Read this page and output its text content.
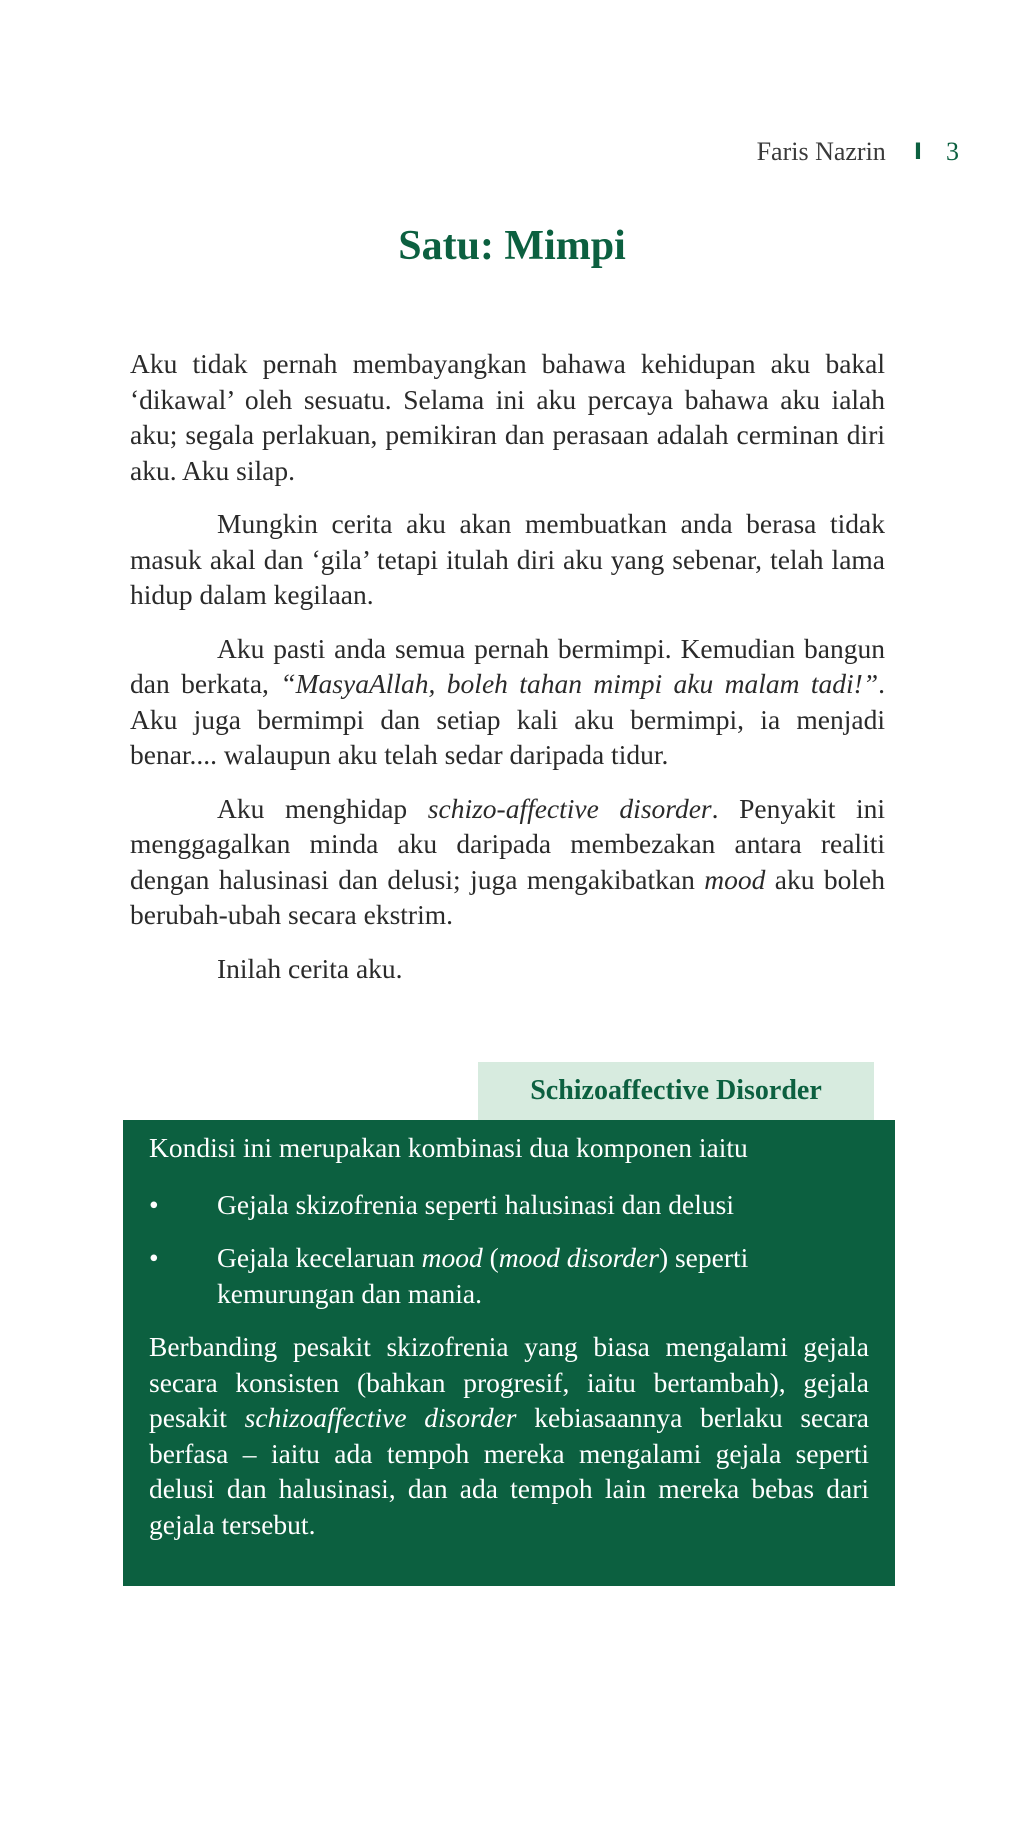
Faris Nazrin I 3
Satu: Mimpi

Aku tidak pernah membayangkan bahawa kehidupan aku bakal ‘dikawal’ oleh sesuatu. Selama ini aku percaya bahawa aku ialah aku; segala perlakuan, pemikiran dan perasaan adalah cerminan diri aku. Aku silap.

Mungkin cerita aku akan membuatkan anda berasa tidak masuk akal dan ‘gila’ tetapi itulah diri aku yang sebenar, telah lama hidup dalam kegilaan.

Aku pasti anda semua pernah bermimpi. Kemudian bangun dan berkata, “MasyaAllah, boleh tahan mimpi aku malam tadi!”. Aku juga bermimpi dan setiap kali aku bermimpi, ia menjadi benar.... walaupun aku telah sedar daripada tidur.

Aku menghidap schizo-affective disorder. Penyakit ini menggagalkan minda aku daripada membezakan antara realiti dengan halusinasi dan delusi; juga mengakibatkan mood aku boleh berubah-ubah secara ekstrim.

Inilah cerita aku.

Schizoaffective Disorder

Kondisi ini merupakan kombinasi dua komponen iaitu

• Gejala skizofrenia seperti halusinasi dan delusi
• Gejala kecelaruan mood (mood disorder) seperti kemurungan dan mania.

Berbanding pesakit skizofrenia yang biasa mengalami gejala secara konsisten (bahkan progresif, iaitu bertambah), gejala pesakit schizoaffective disorder kebiasaannya berlaku secara berfasa – iaitu ada tempoh mereka mengalami gejala seperti delusi dan halusinasi, dan ada tempoh lain mereka bebas dari gejala tersebut.
